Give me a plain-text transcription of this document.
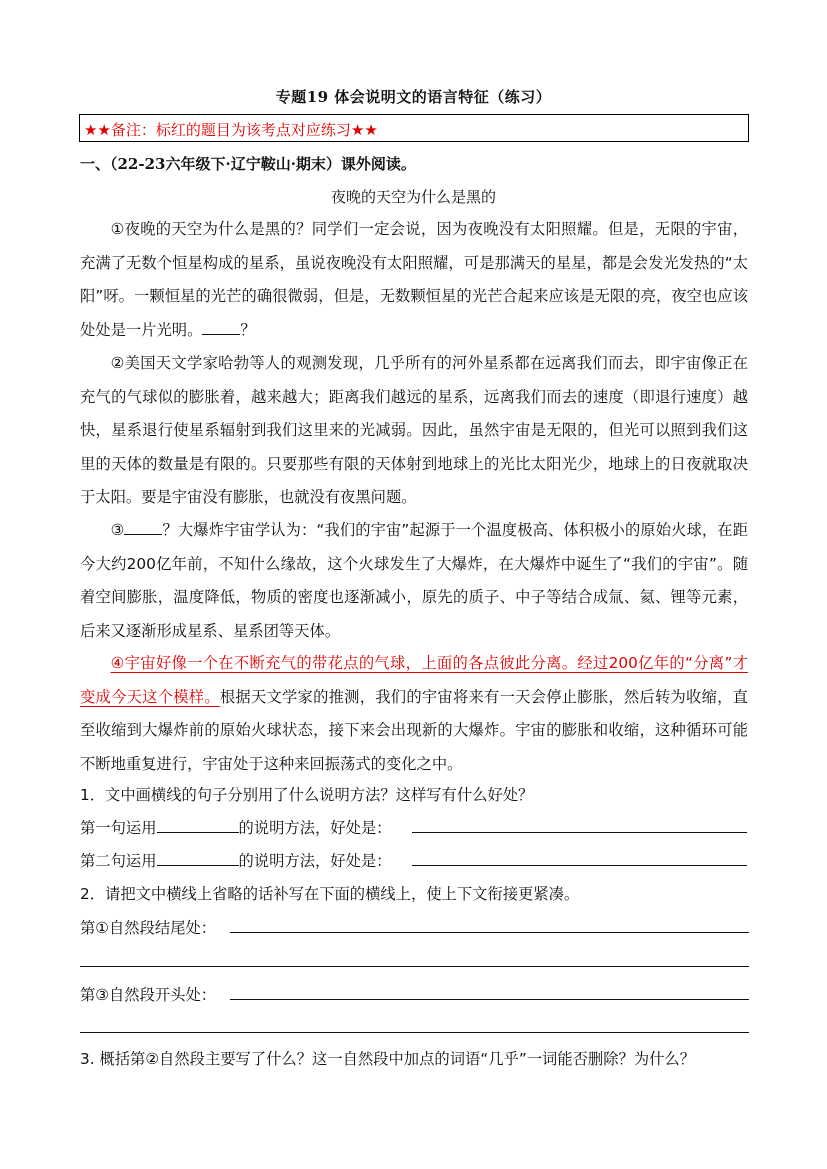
专题19 体会说明文的语言特征（练习）
★★备注：标红的题目为该考点对应练习★★
一、（22-23六年级下·辽宁鞍山·期末）课外阅读。
夜晚的天空为什么是黑的

①夜晚的天空为什么是黑的？同学们一定会说，因为夜晚没有太阳照耀。但是，无限的宇宙，充满了无数个恒星构成的星系，虽说夜晚没有太阳照耀，可是那满天的星星，都是会发光发热的“太阳”呀。一颗恒星的光芒的确很微弱，但是，无数颗恒星的光芒合起来应该是无限的亮，夜空也应该处处是一片光明。 ？

②美国天文学家哈勃等人的观测发现，几乎所有的河外星系都在远离我们而去，即宇宙像正在充气的气球似的膨胀着，越来越大；距离我们越远的星系，远离我们而去的速度（即退行速度）越快，星系退行使星系辐射到我们这里来的光减弱。因此，虽然宇宙是无限的，但光可以照到我们这里的天体的数量是有限的。只要那些有限的天体射到地球上的光比太阳光少，地球上的日夜就取决于太阳。要是宇宙没有膨胀，也就没有夜黑问题。

③ ？大爆炸宇宙学认为：“我们的宇宙”起源于一个温度极高、体积极小的原始火球，在距今大约200亿年前，不知什么缘故，这个火球发生了大爆炸，在大爆炸中诞生了“我们的宇宙”。随着空间膨胀，温度降低，物质的密度也逐渐减小，原先的质子、中子等结合成氚、氦、锂等元素，后来又逐渐形成星系、星系团等天体。

④宇宙好像一个在不断充气的带花点的气球，上面的各点彼此分离。经过200亿年的“分离”才变成今天这个模样。根据天文学家的推测，我们的宇宙将来有一天会停止膨胀，然后转为收缩，直至收缩到大爆炸前的原始火球状态，接下来会出现新的大爆炸。宇宙的膨胀和收缩，这种循环可能不断地重复进行，宇宙处于这种来回振荡式的变化之中。

1．文中画横线的句子分别用了什么说明方法？这样写有什么好处？
第一句运用	的说明方法，好处是：
第二句运用	的说明方法，好处是：
2．请把文中横线上省略的话补写在下面的横线上，使上下文衔接更紧凑。
第①自然段结尾处：
第③自然段开头处：
3. 概括第②自然段主要写了什么？这一自然段中加点的词语“几乎”一词能否删除？为什么？
